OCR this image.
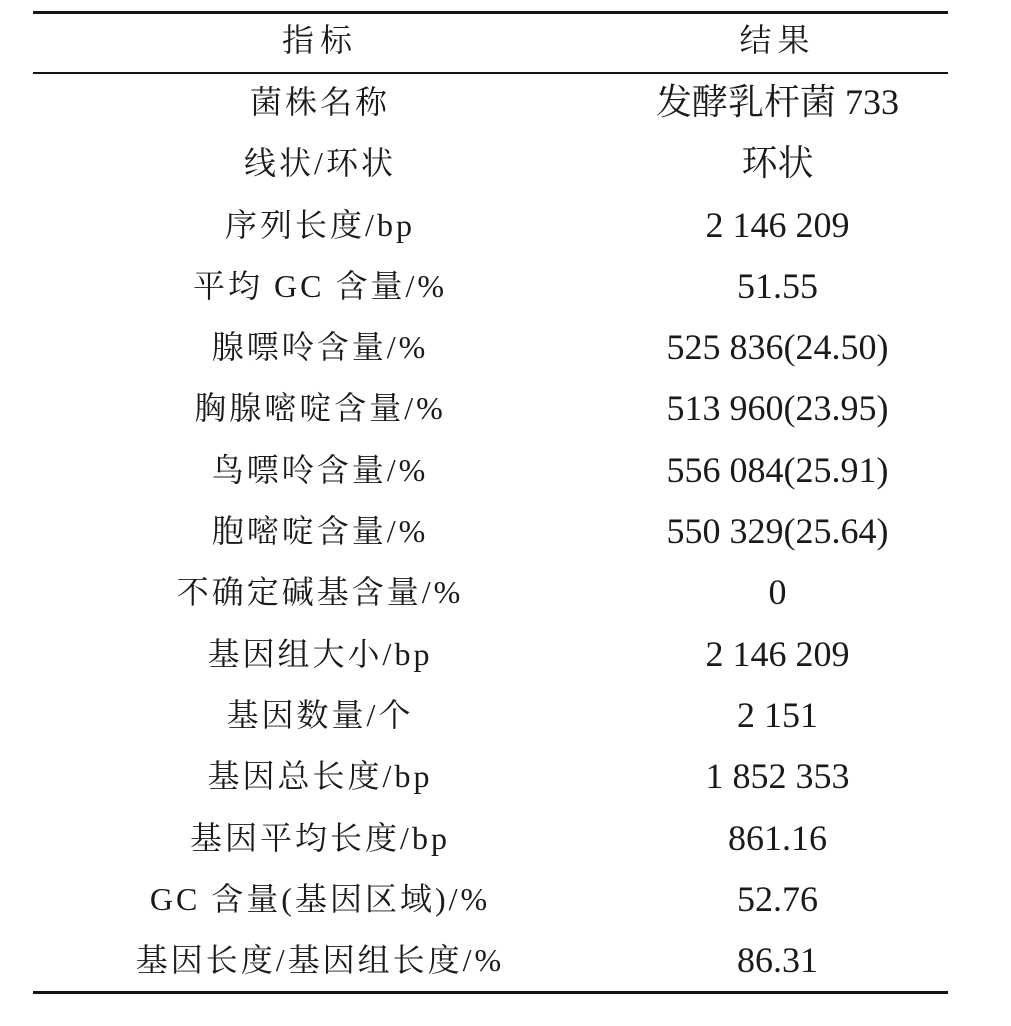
指标	结果
菌株名称	发酵乳杆菌 733
线状/环状	环状
序列长度/bp	2 146 209
平均 GC 含量/%	51.55
腺嘌呤含量/%	525 836(24.50)
胸腺嘧啶含量/%	513 960(23.95)
鸟嘌呤含量/%	556 084(25.91)
胞嘧啶含量/%	550 329(25.64)
不确定碱基含量/%	0
基因组大小/bp	2 146 209
基因数量/个	2 151
基因总长度/bp	1 852 353
基因平均长度/bp	861.16
GC 含量(基因区域)/%	52.76
基因长度/基因组长度/%	86.31
